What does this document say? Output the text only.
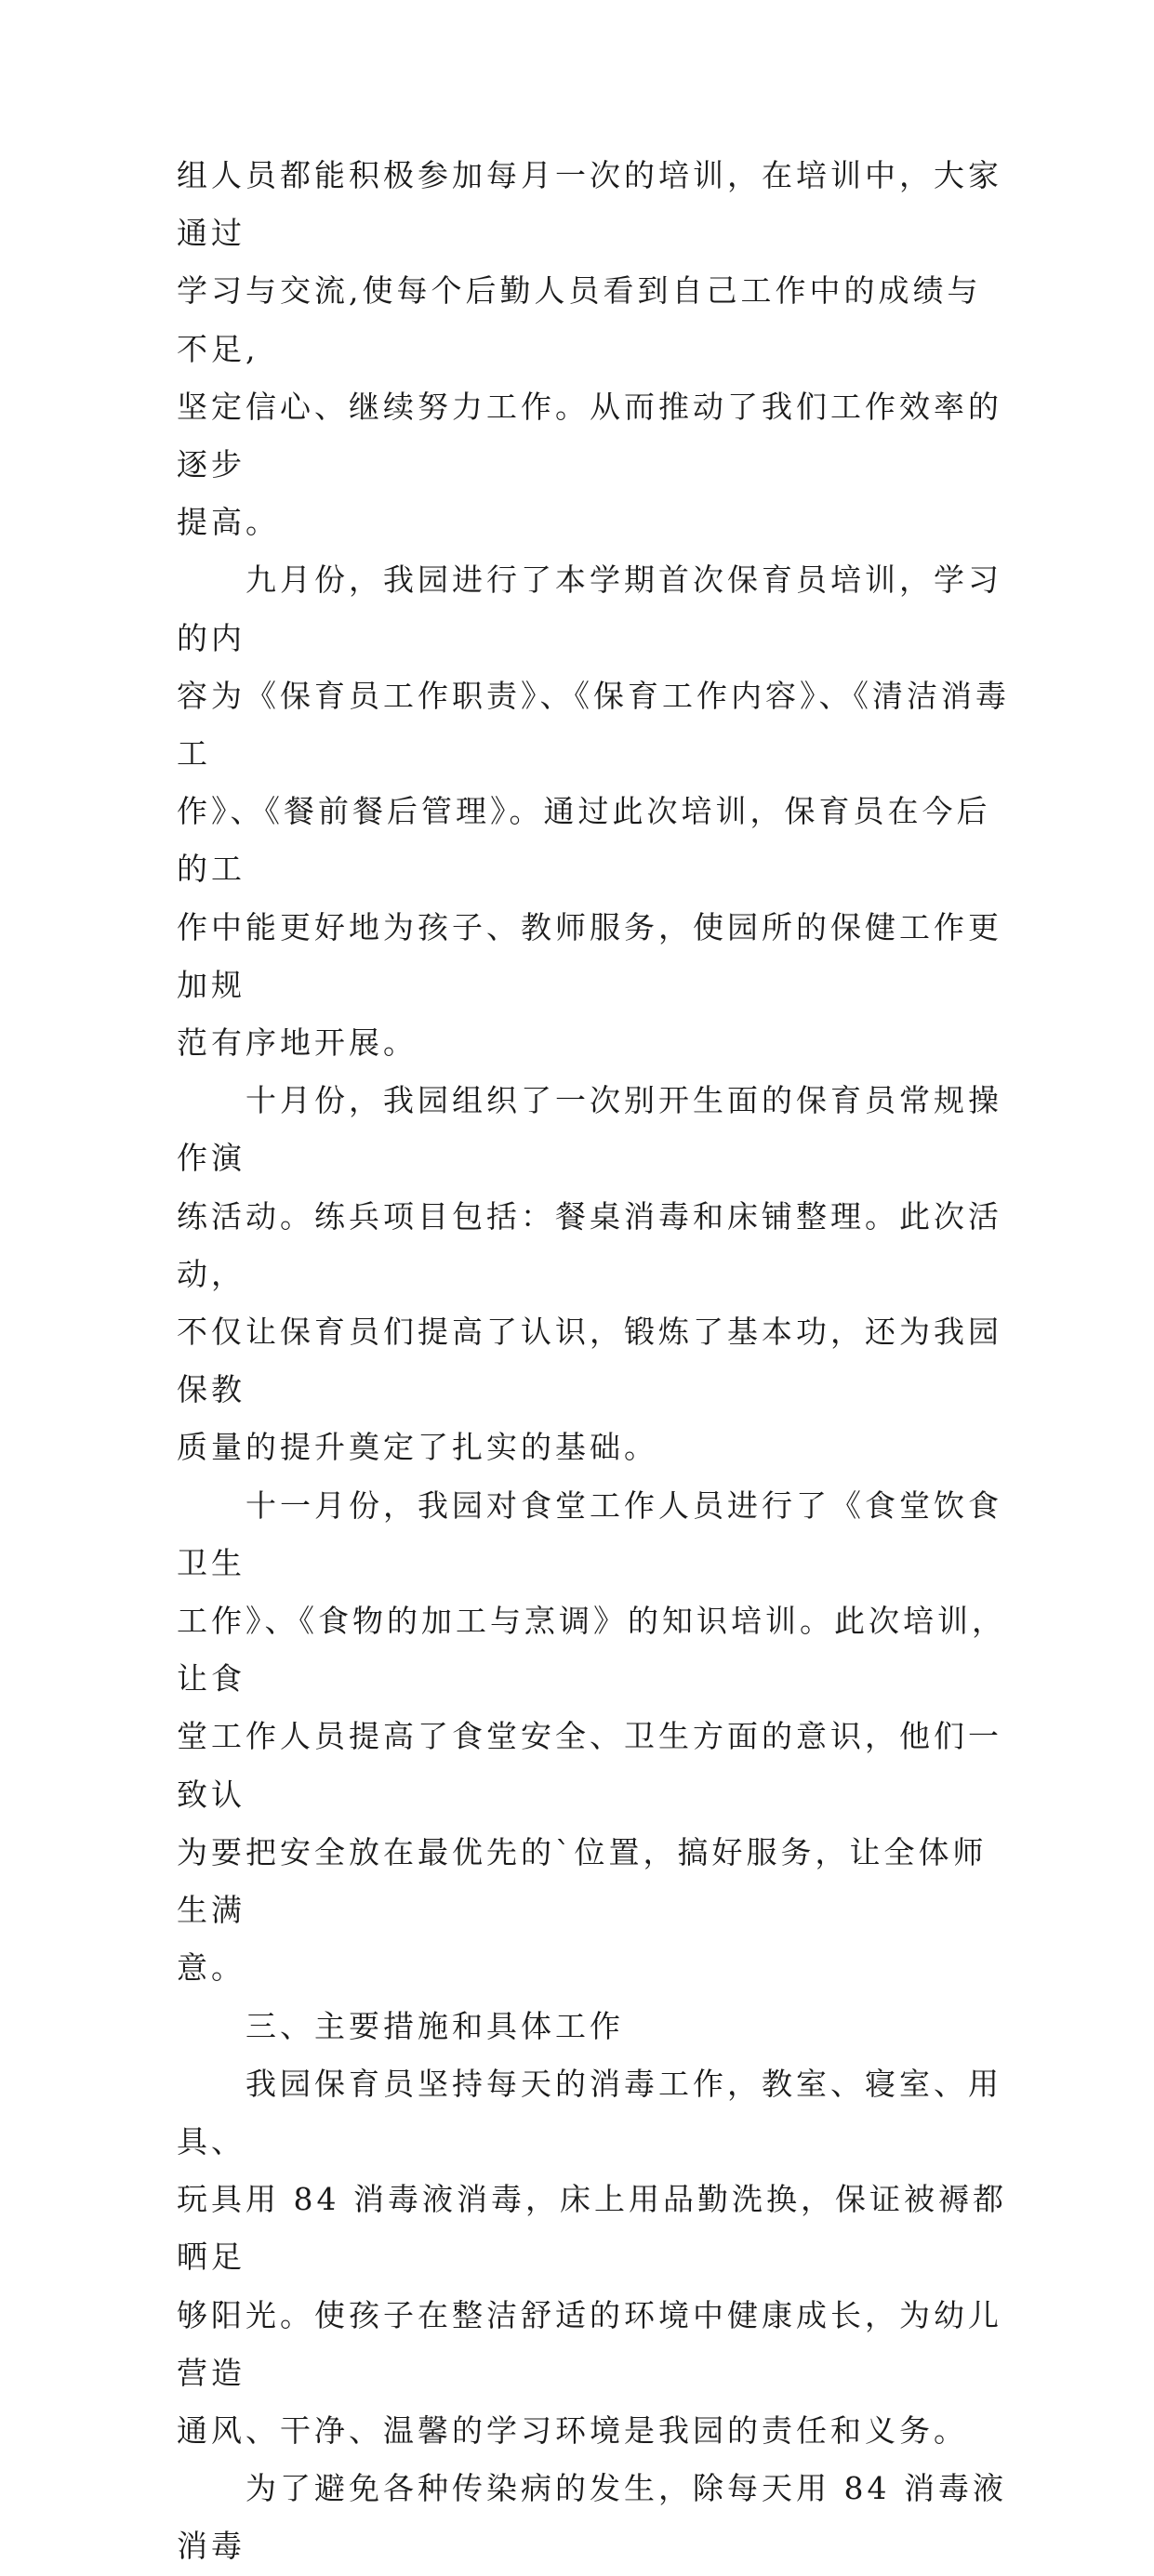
组人员都能积极参加每月一次的培训，在培训中，大家通过
学习与交流,使每个后勤人员看到自己工作中的成绩与不足,
坚定信心、继续努力工作。从而推动了我们工作效率的逐步
提高。

　　九月份，我园进行了本学期首次保育员培训，学习的内
容为《保育员工作职责》、《保育工作内容》、《清洁消毒工
作》、《餐前餐后管理》。通过此次培训，保育员在今后的工
作中能更好地为孩子、教师服务，使园所的保健工作更加规
范有序地开展。

　　十月份，我园组织了一次别开生面的保育员常规操作演
练活动。练兵项目包括：餐桌消毒和床铺整理。此次活动，
不仅让保育员们提高了认识，锻炼了基本功，还为我园保教
质量的提升奠定了扎实的基础。

　　十一月份，我园对食堂工作人员进行了《食堂饮食卫生
工作》、《食物的加工与烹调》的知识培训。此次培训，让食
堂工作人员提高了食堂安全、卫生方面的意识，他们一致认
为要把安全放在最优先的`位置，搞好服务，让全体师生满
意。

　　三、主要措施和具体工作

　　我园保育员坚持每天的消毒工作，教室、寝室、用具、
玩具用 84 消毒液消毒，床上用品勤洗换，保证被褥都晒足
够阳光。使孩子在整洁舒适的环境中健康成长，为幼儿营造
通风、干净、温馨的学习环境是我园的责任和义务。

　　为了避免各种传染病的发生，除每天用 84 消毒液消毒
